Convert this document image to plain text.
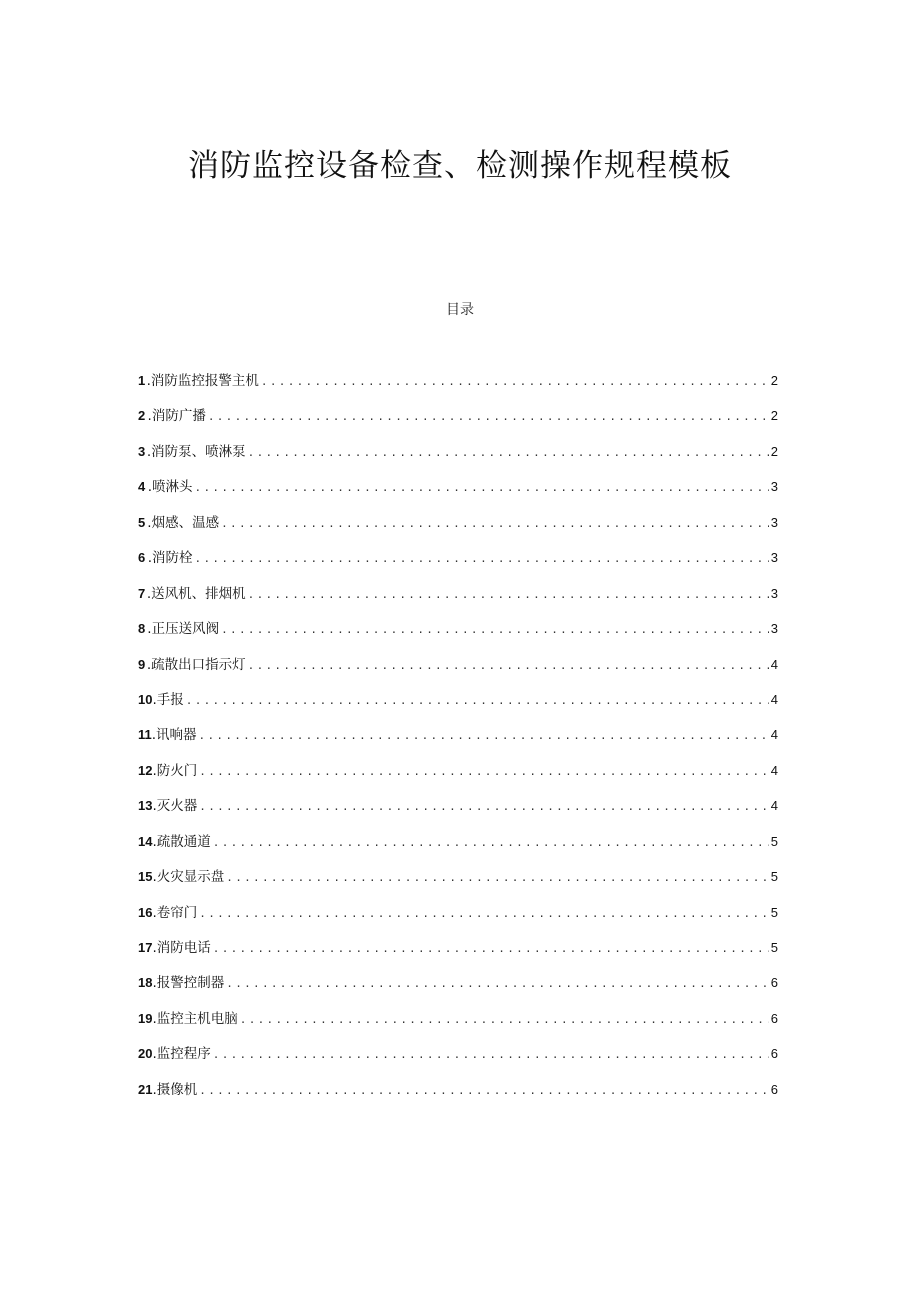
消防监控设备检查、检测操作规程模板
目录
1 .消防监控报警主机 .....	2
2 .消防广播 .....	2
3 .消防泵、喷淋泵 .....	2
4 .喷淋头 .....	3
5 .烟感、温感 .....	3
6 .消防栓 .....	3
7 .送风机、排烟机 .....	3
8 .正压送风阀 .....	3
9 .疏散出口指示灯 .....	4
10 .手报 .....	4
11 .讯响器 .....	4
12 .防火门 .....	4
13 .灭火器 .....	4
14 .疏散通道 .....	5
15 .火灾显示盘 .....	5
16 .卷帘门 .....	5
17 .消防电话 .....	5
18 .报警控制器 .....	6
19 .监控主机电脑 .....	6
20 .监控程序 .....	6
21 .摄像机 .....	6
